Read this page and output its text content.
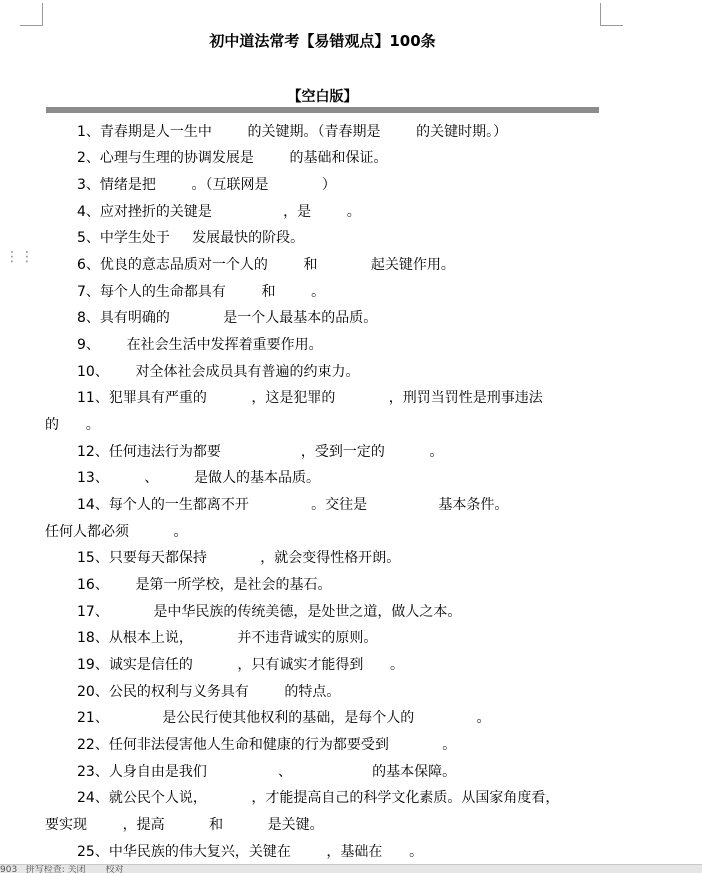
⋮⋮
初中道法常考【易错观点】100条
【空白版】
1、青春期是人一生中        的关键期。（青春期是        的关键时期。）
2、心理与生理的协调发展是        的基础和保证。
3、情绪是把        。（互联网是            ）
4、应对挫折的关键是                ，是        。
5、中学生处于     发展最快的阶段。
6、优良的意志品质对一个人的        和            起关键作用。
7、每个人的生命都具有        和        。
8、具有明确的            是一个人最基本的品质。
9、      在社会生活中发挥着重要作用。
10、      对全体社会成员具有普遍的约束力。
11、犯罪具有严重的          ，这是犯罪的            ，刑罚当罚性是刑事违法
的      。
12、任何违法行为都要                  ，受到一定的          。
13、        、        是做人的基本品质。
14、每个人的一生都离不开              。交往是                基本条件。
任何人都必须          。
15、只要每天都保持            ，就会变得性格开朗。
16、      是第一所学校，是社会的基石。
17、          是中华民族的传统美德，是处世之道，做人之本。
18、从根本上说，          并不违背诚实的原则。
19、诚实是信任的          ，只有诚实才能得到      。
20、公民的权利与义务具有        的特点。
21、            是公民行使其他权利的基础，是每个人的              。
22、任何非法侵害他人生命和健康的行为都要受到            。
23、人身自由是我们                、                  的基本保障。
24、就公民个人说，          ，才能提高自己的科学文化素质。从国家角度看，
要实现        ，提高          和          是关键。
25、中华民族的伟大复兴，关键在        ，基础在      。
903   拼写检查: 关闭       校对
